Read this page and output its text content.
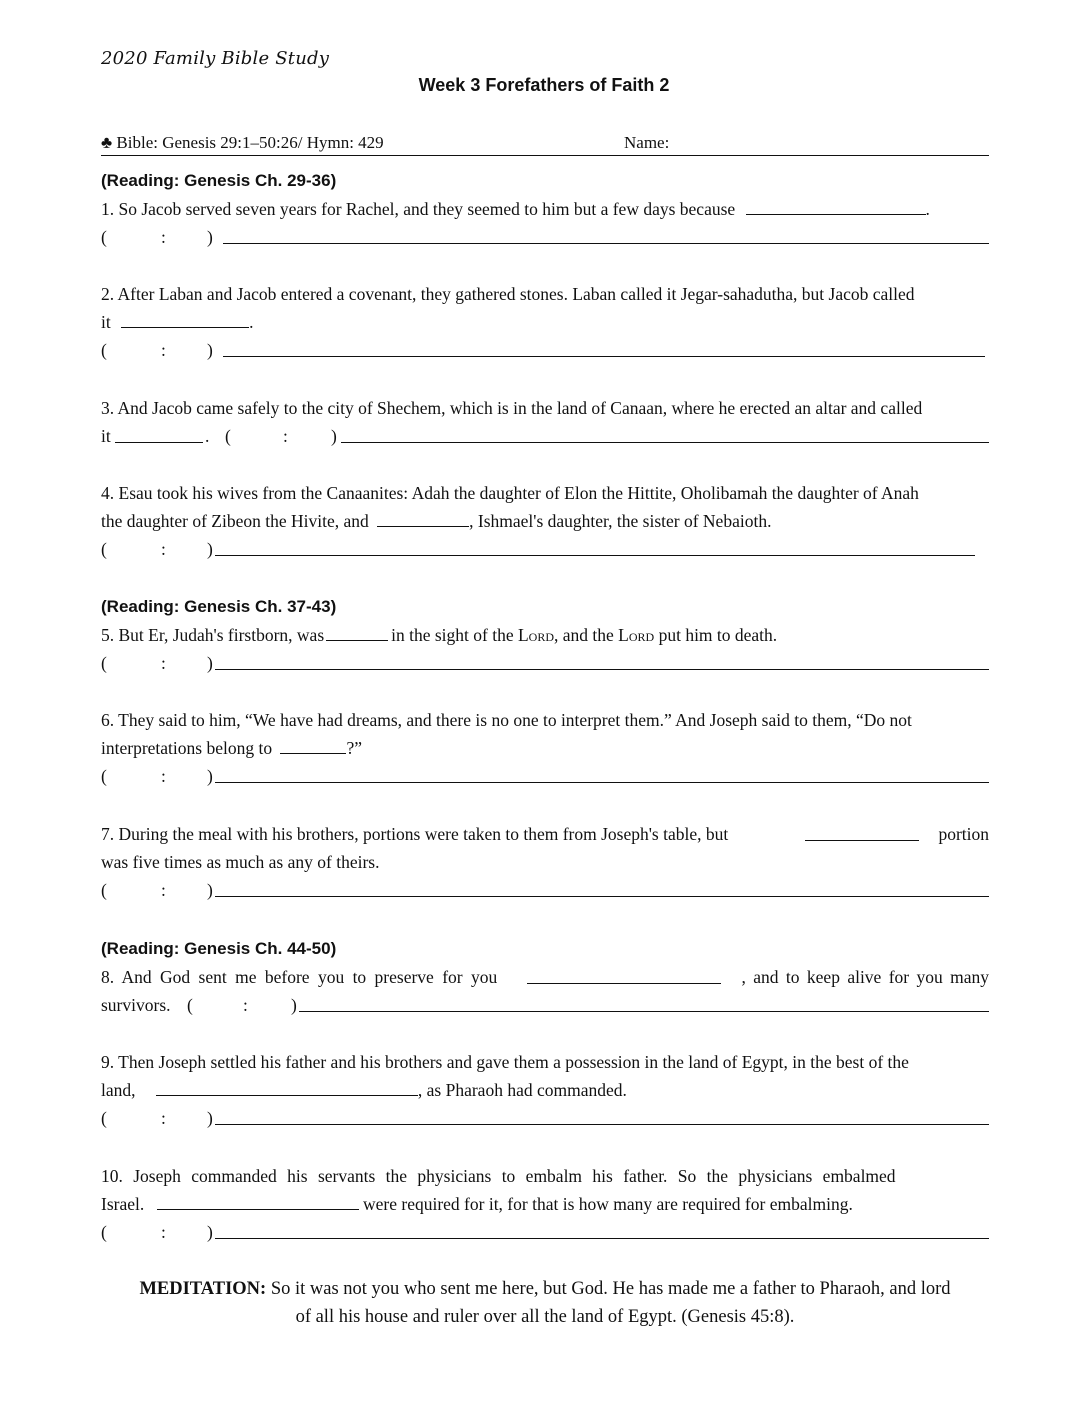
2020 Family Bible Study
Week 3 Forefathers of Faith 2
♣ Bible: Genesis 29:1–50:26/ Hymn: 429	Name:
(Reading: Genesis Ch. 29-36)
1. So Jacob served seven years for Rachel, and they seemed to him but a few days because	.
(	: )
2. After Laban and Jacob entered a covenant, they gathered stones. Laban called it Jegar-sahadutha, but Jacob called
it	.
(	: )
3. And Jacob came safely to the city of Shechem, which is in the land of Canaan, where he erected an altar and called
it	. (	: )
4. Esau took his wives from the Canaanites: Adah the daughter of Elon the Hittite, Oholibamah the daughter of Anah
the daughter of Zibeon the Hivite, and	, Ishmael's daughter, the sister of Nebaioth.
(	: )
(Reading: Genesis Ch. 37-43)
5. But Er, Judah's firstborn, was	in the sight of the Lord, and the Lord put him to death.
(	: )
6. They said to him, “We have had dreams, and there is no one to interpret them.” And Joseph said to them, “Do not
interpretations belong to	?”
(	: )
7. During the meal with his brothers, portions were taken to them from Joseph's table, but	portion
was five times as much as any of theirs.
(	: )
(Reading: Genesis Ch. 44-50)
8. And God sent me before you to preserve for you	, and to keep alive for you many
survivors. (	: )
9. Then Joseph settled his father and his brothers and gave them a possession in the land of Egypt, in the best of the
land,	, as Pharaoh had commanded.
(	: )
10. Joseph commanded his servants the physicians to embalm his father. So the physicians embalmed
Israel.	were required for it, for that is how many are required for embalming.
(	: )
MEDITATION: So it was not you who sent me here, but God. He has made me a father to Pharaoh, and lord
of all his house and ruler over all the land of Egypt. (Genesis 45:8).
